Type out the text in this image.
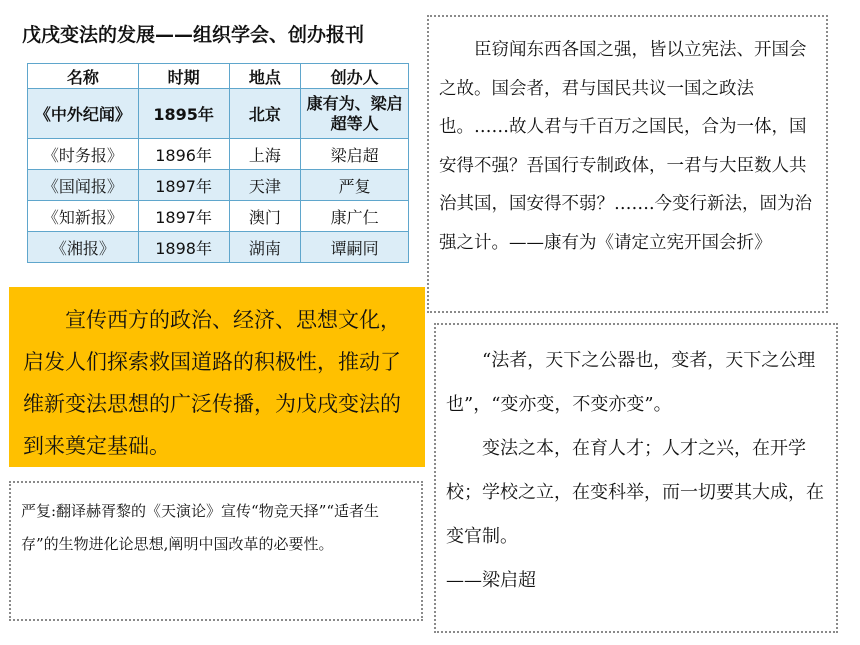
戊戌变法的发展——组织学会、创办报刊
名称	时期	地点	创办人
《中外纪闻》	1895年	北京	康有为、梁启超等人
《时务报》	1896年	上海	梁启超
《国闻报》	1897年	天津	严复
《知新报》	1897年	澳门	康广仁
《湘报》	1898年	湖南	谭嗣同

宣传西方的政治、经济、思想文化，启发人们探索救国道路的积极性，推动了维新变法思想的广泛传播，为戊戌变法的到来奠定基础。

严复:翻译赫胥黎的《天演论》宣传“物竞天择”“适者生存”的生物进化论思想,阐明中国改革的必要性。

臣窃闻东西各国之强，皆以立宪法、开国会之故。国会者，君与国民共议一国之政法也。……故人君与千百万之国民，合为一体，国安得不强？吾国行专制政体，一君与大臣数人共治其国，国安得不弱？…….今变行新法，固为治强之计。——康有为《请定立宪开国会折》

“法者，天下之公器也，变者，天下之公理也”，“变亦变，不变亦变”。

变法之本，在育人才；人才之兴，在开学校；学校之立，在变科举，而一切要其大成，在变官制。

——梁启超
